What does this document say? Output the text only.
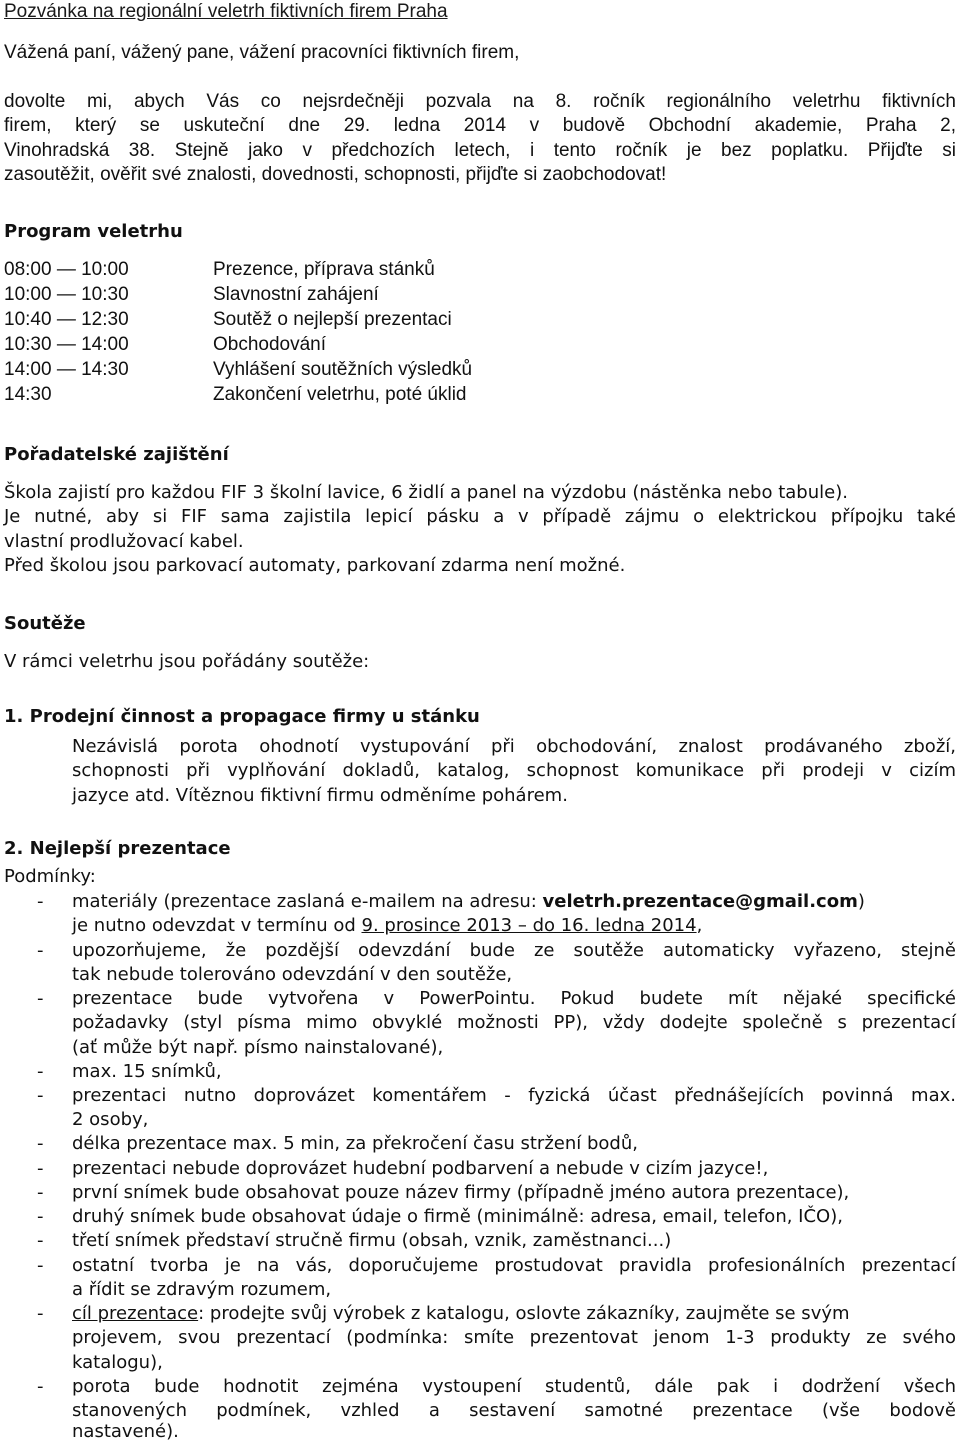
Pozvánka na regionální veletrh fiktivních firem Praha
Vážená paní, vážený pane, vážení pracovníci fiktivních firem,
dovolte mi, abych Vás co nejsrdečněji pozvala na 8. ročník regionálního veletrhu fiktivních
firem, který se uskuteční dne 29. ledna 2014 v budově Obchodní akademie, Praha 2,
Vinohradská 38. Stejně jako v předchozích letech, i tento ročník je bez poplatku. Přijďte si
zasoutěžit, ověřit své znalosti, dovednosti, schopnosti, přijďte si zaobchodovat!
Program veletrhu
08:00 ― 10:00	Prezence, příprava stánků
10:00 ― 10:30	Slavnostní zahájení
10:40 ― 12:30	Soutěž o nejlepší prezentaci
10:30 ― 14:00	Obchodování
14:00 ― 14:30	Vyhlášení soutěžních výsledků
14:30	Zakončení veletrhu, poté úklid
Pořadatelské zajištění
Škola zajistí pro každou FIF 3 školní lavice, 6 židlí a panel na výzdobu (nástěnka nebo tabule).
Je nutné, aby si FIF sama zajistila lepicí pásku a v případě zájmu o elektrickou přípojku také
vlastní prodlužovací kabel.
Před školou jsou parkovací automaty, parkovaní zdarma není možné.
Soutěže
V rámci veletrhu jsou pořádány soutěže:
1. Prodejní činnost a propagace firmy u stánku
Nezávislá porota ohodnotí vystupování při obchodování, znalost prodávaného zboží,
schopnosti při vyplňování dokladů, katalog, schopnost komunikace při prodeji v cizím
jazyce atd. Vítěznou fiktivní firmu odměníme pohárem.
2. Nejlepší prezentace
Podmínky:
- materiály (prezentace zaslaná e-mailem na adresu: veletrh.prezentace@gmail.com)
je nutno odevzdat v termínu od 9. prosince 2013 – do 16. ledna 2014,
- upozorňujeme, že pozdější odevzdání bude ze soutěže automaticky vyřazeno, stejně
tak nebude tolerováno odevzdání v den soutěže,
- prezentace bude vytvořena v PowerPointu. Pokud budete mít nějaké specifické
požadavky (styl písma mimo obvyklé možnosti PP), vždy dodejte společně s prezentací
(ať může být např. písmo nainstalované),
- max. 15 snímků,
- prezentaci nutno doprovázet komentářem - fyzická účast přednášejících povinná max.
2 osoby,
- délka prezentace max. 5 min, za překročení času stržení bodů,
- prezentaci nebude doprovázet hudební podbarvení a nebude v cizím jazyce!,
- první snímek bude obsahovat pouze název firmy (případně jméno autora prezentace),
- druhý snímek bude obsahovat údaje o firmě (minimálně: adresa, email, telefon, IČO),
- třetí snímek představí stručně firmu (obsah, vznik, zaměstnanci...)
- ostatní tvorba je na vás, doporučujeme prostudovat pravidla profesionálních prezentací
a řídit se zdravým rozumem,
- cíl prezentace: prodejte svůj výrobek z katalogu, oslovte zákazníky, zaujměte se svým
projevem, svou prezentací (podmínka: smíte prezentovat jenom 1-3 produkty ze svého
katalogu),
- porota bude hodnotit zejména vystoupení studentů, dále pak i dodržení všech
stanovených podmínek, vzhled a sestavení samotné prezentace (vše bodově
nastavené).
